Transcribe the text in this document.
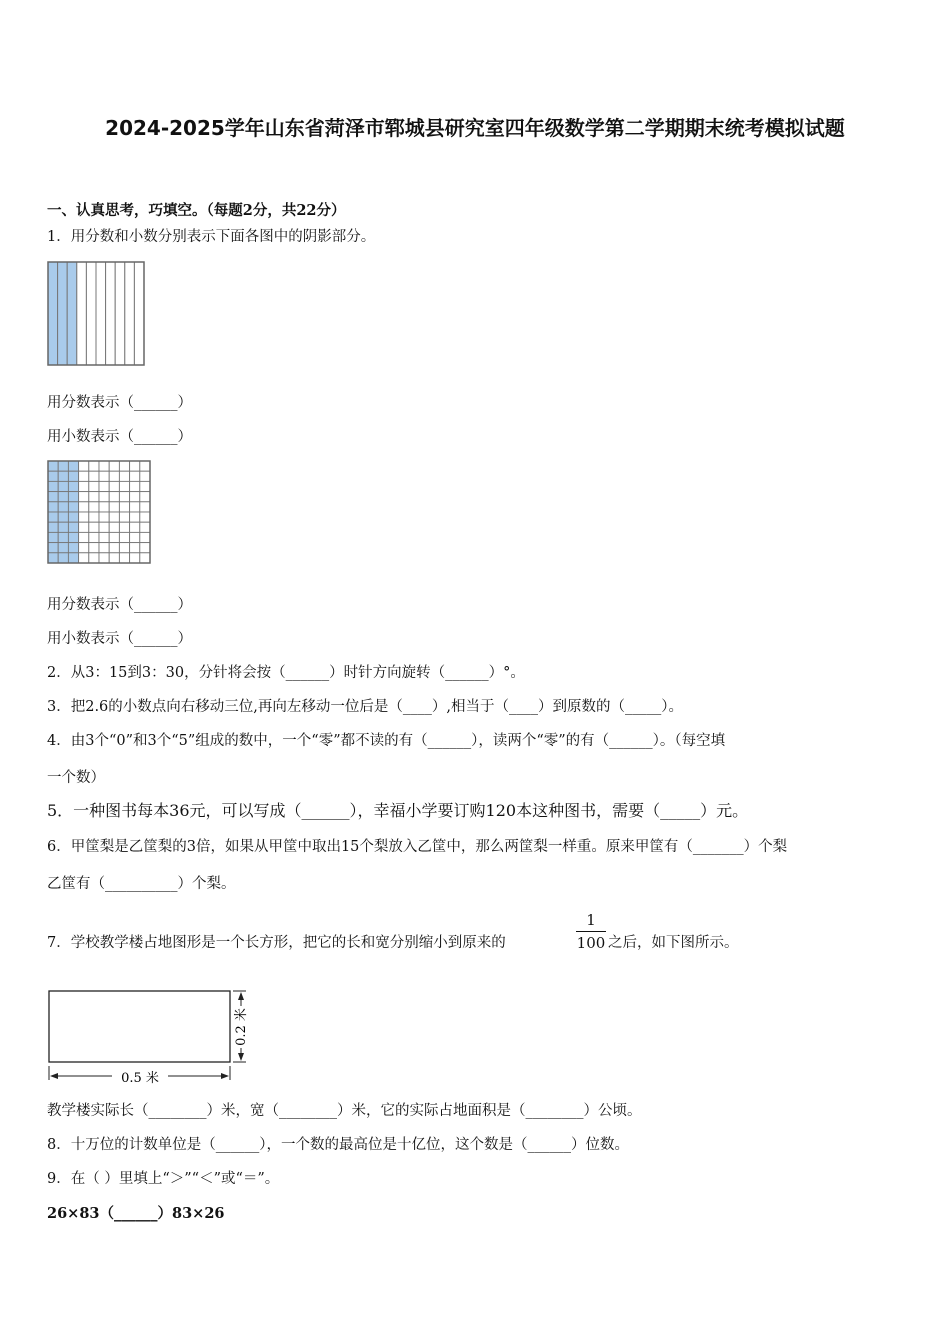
2024-2025学年山东省菏泽市郓城县研究室四年级数学第二学期期末统考模拟试题
一、认真思考，巧填空。（每题2分，共22分）
1．用分数和小数分别表示下面各图中的阴影部分。
用分数表示（______）
用小数表示（______）
用分数表示（______）
用小数表示（______）
2．从3：15到3：30，分针将会按（______）时针方向旋转（______）°。
3．把2.6的小数点向右移动三位,再向左移动一位后是（____）,相当于（____）到原数的（_____）。
4．由3个“0”和3个“5”组成的数中，一个“零”都不读的有（______），读两个“零”的有（______）。（每空填
一个数）
5．一种图书每本36元，可以写成（______），幸福小学要订购120本这种图书，需要（_____）元。
6．甲筐梨是乙筐梨的3倍，如果从甲筐中取出15个梨放入乙筐中，那么两筐梨一样重。原来甲筐有（_______）个梨
乙筐有（__________）个梨。
7．学校教学楼占地图形是一个长方形，把它的长和宽分别缩小到原来的
1
100 之后，如下图所示。
0.5 米
0.2 米
教学楼实际长（________）米，宽（________）米，它的实际占地面积是（________）公顷。
8．十万位的计数单位是（______），一个数的最高位是十亿位，这个数是（______）位数。
9．在（ ）里填上“＞”“＜”或“＝”。
26×83（______）83×26
